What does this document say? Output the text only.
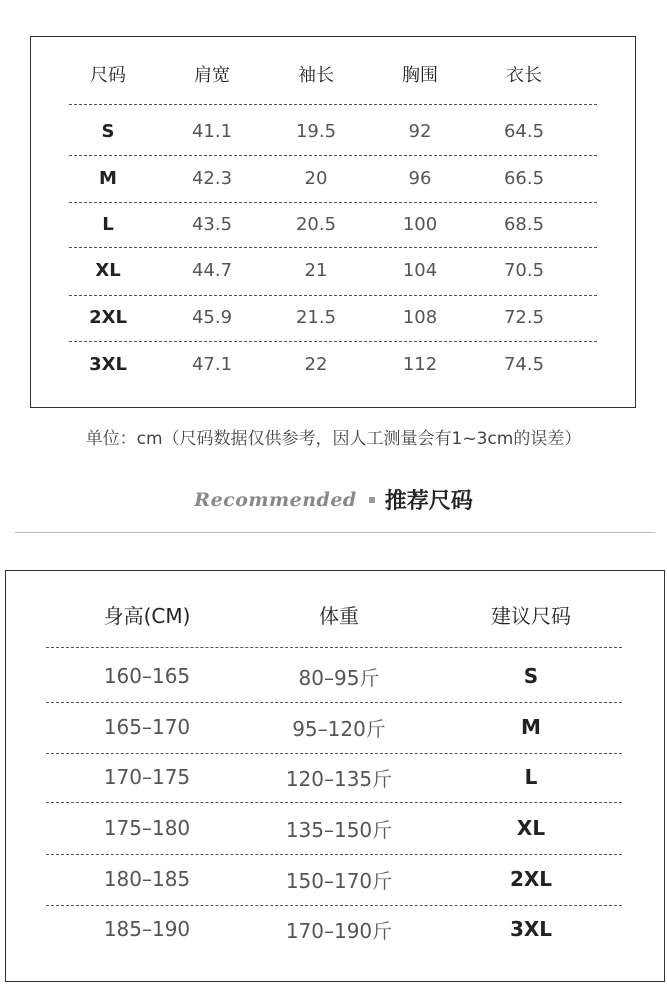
尺码	肩宽	袖长	胸围	衣长
S	41.1	19.5	92	64.5
M	42.3	20	96	66.5
L	43.5	20.5	100	68.5
XL	44.7	21	104	70.5
2XL	45.9	21.5	108	72.5
3XL	47.1	22	112	74.5
单位：cm（尺码数据仅供参考，因人工测量会有1~3cm的误差）
Recommended 推荐尺码
身高(CM)	体重	建议尺码
160–165	80–95斤	S
165–170	95–120斤	M
170–175	120–135斤	L
175–180	135–150斤	XL
180–185	150–170斤	2XL
185–190	170–190斤	3XL
